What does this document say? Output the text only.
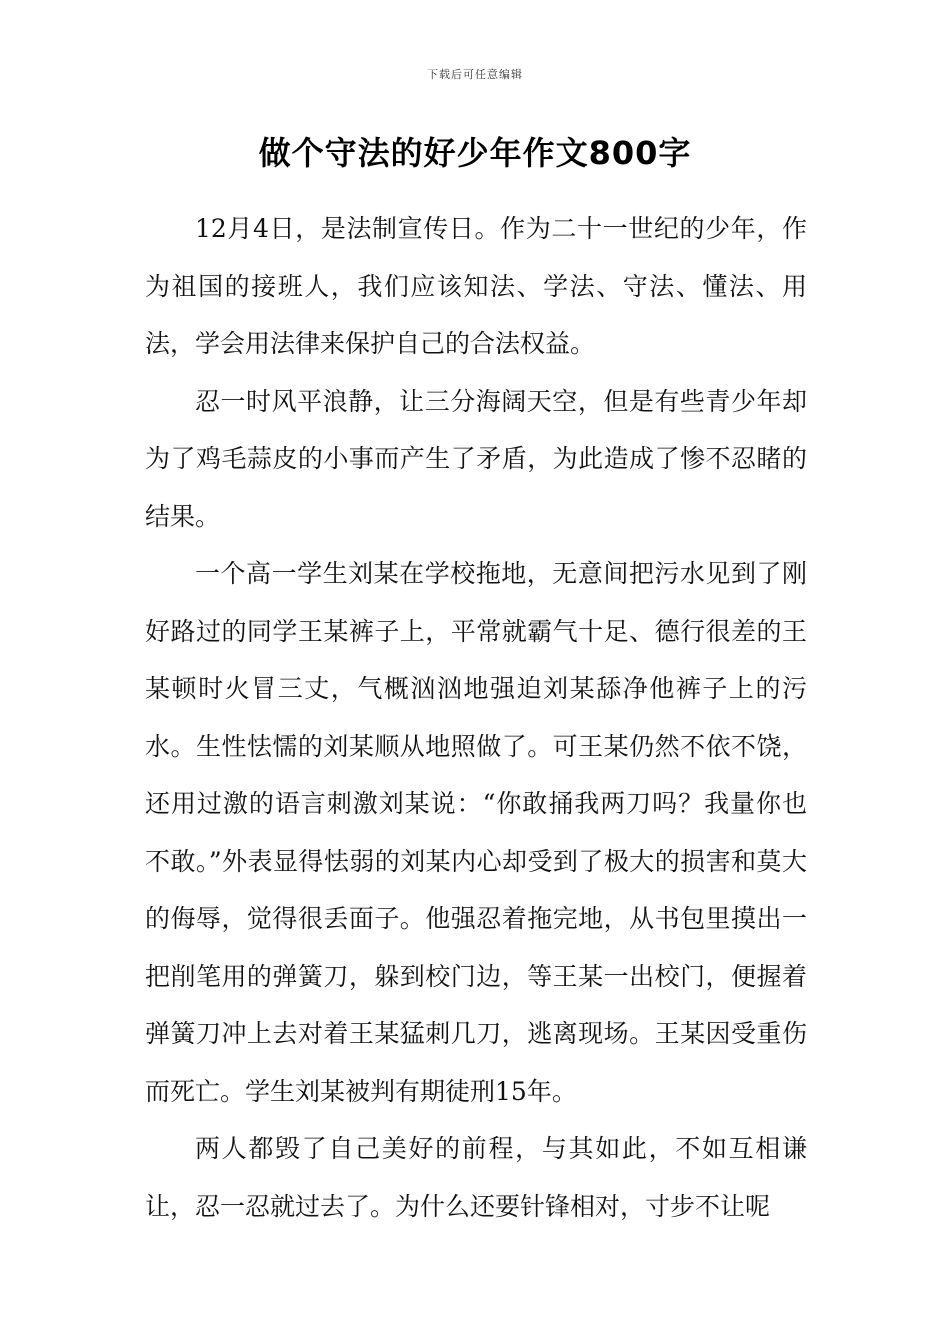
下载后可任意编辑
做个守法的好少年作文800字

12月4日，是法制宣传日。作为二十一世纪的少年，作为祖国的接班人，我们应该知法、学法、守法、懂法、用法，学会用法律来保护自己的合法权益。

忍一时风平浪静，让三分海阔天空，但是有些青少年却为了鸡毛蒜皮的小事而产生了矛盾，为此造成了惨不忍睹的结果。

一个高一学生刘某在学校拖地，无意间把污水见到了刚好路过的同学王某裤子上，平常就霸气十足、德行很差的王某顿时火冒三丈，气概汹汹地强迫刘某舔净他裤子上的污水。生性怯懦的刘某顺从地照做了。可王某仍然不依不饶，还用过激的语言刺激刘某说：“你敢捅我两刀吗？我量你也不敢。”外表显得怯弱的刘某内心却受到了极大的损害和莫大的侮辱，觉得很丢面子。他强忍着拖完地，从书包里摸出一把削笔用的弹簧刀，躲到校门边，等王某一出校门，便握着弹簧刀冲上去对着王某猛刺几刀，逃离现场。王某因受重伤而死亡。学生刘某被判有期徒刑15年。

两人都毁了自己美好的前程，与其如此，不如互相谦让，忍一忍就过去了。为什么还要针锋相对，寸步不让呢
